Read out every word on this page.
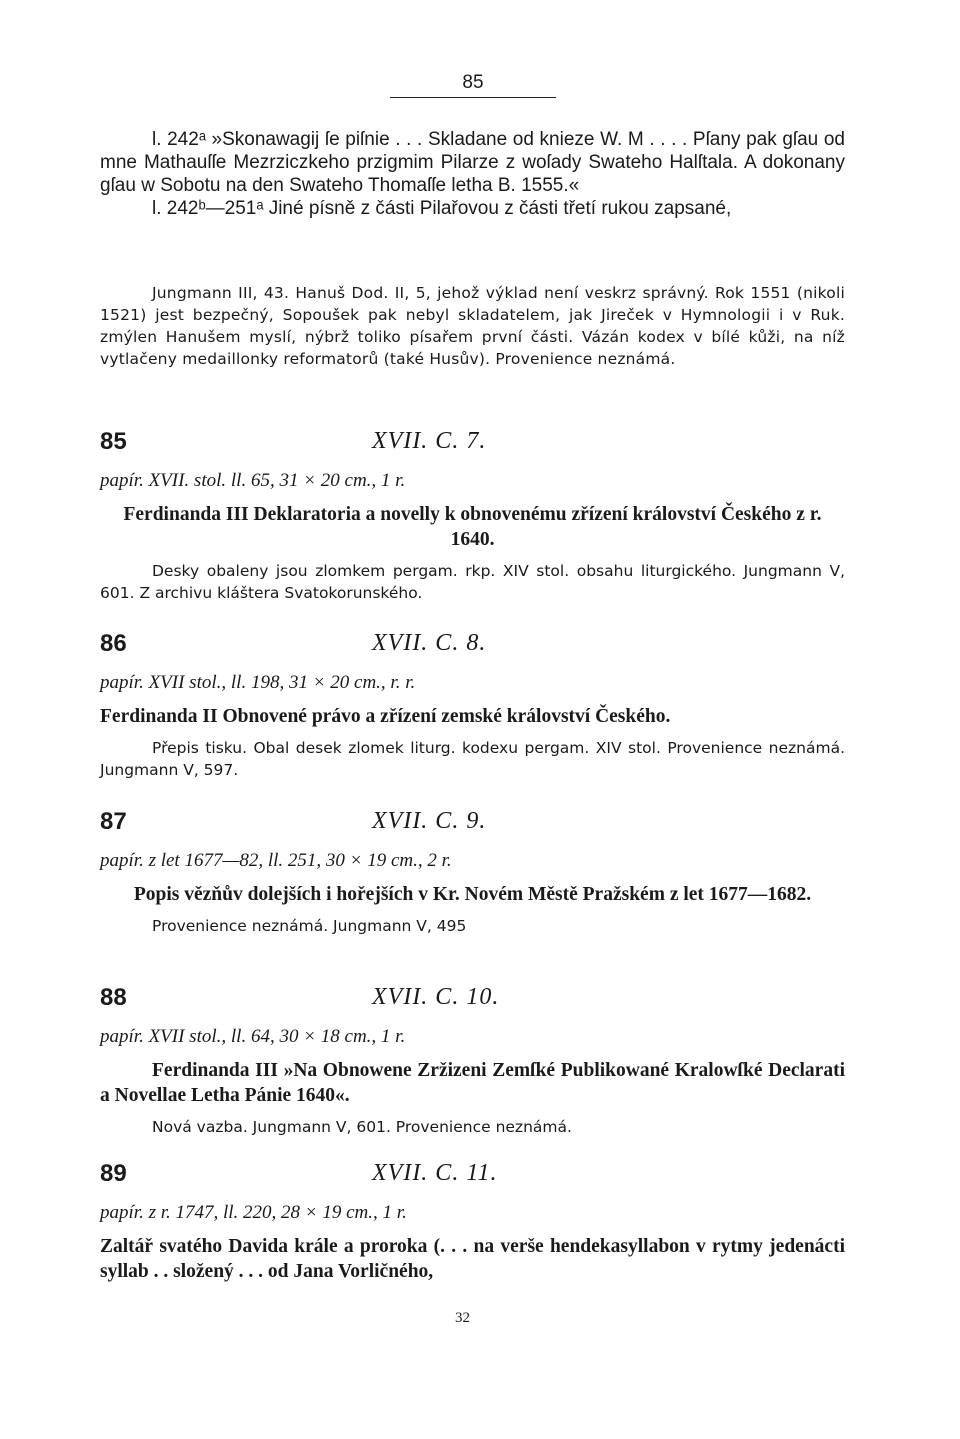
85

l. 242ᵃ »Skonawagij ſe piſnie . . . Skladane od knieze W. M . . . . Pſany pak gſau od mne Mathauſſe Mezrziczkeho przigmim Pilarze z woſady Swateho Halſtala. A dokonany gſau w Sobotu na den Swateho Thomaſſe letha B. 1555.«

l. 242ᵇ—251ᵃ Jiné písně z části Pilařovou z části třetí rukou zapsané,

Jungmann III, 43. Hanuš Dod. II, 5, jehož výklad není veskrz správný. Rok 1551 (nikoli 1521) jest bezpečný, Sopoušek pak nebyl skladatelem, jak Jireček v Hymnologii i v Ruk. zmýlen Hanušem myslí, nýbrž toliko písařem první části. Vázán kodex v bílé kůži, na níž vytlačeny medaillonky reformatorů (také Husův). Provenience neznámá.

85	XVII. C. 7.

papír. XVII. stol. ll. 65, 31 × 20 cm., 1 r.

Ferdinanda III Deklaratoria a novelly k obnovenému zřízení království Českého z r. 1640.

Desky obaleny jsou zlomkem pergam. rkp. XIV stol. obsahu liturgického. Jungmann V, 601. Z archivu kláštera Svatokorunského.

86	XVII. C. 8.

papír. XVII stol., ll. 198, 31 × 20 cm., r. r.

Ferdinanda II Obnovené právo a zřízení zemské království Českého.

Přepis tisku. Obal desek zlomek liturg. kodexu pergam. XIV stol. Provenience neznámá. Jungmann V, 597.

87	XVII. C. 9.

papír. z let 1677—82, ll. 251, 30 × 19 cm., 2 r.

Popis vězňův dolejších i hořejších v Kr. Novém Městě Pražském z let 1677—1682.

Provenience neznámá. Jungmann V, 495

88	XVII. C. 10.

papír. XVII stol., ll. 64, 30 × 18 cm., 1 r.

Ferdinanda III »Na Obnowene Zržizeni Zemſké Publikowané Kralowſké Declarati a Novellae Letha Pánie 1640«.

Nová vazba. Jungmann V, 601. Provenience neznámá.

89	XVII. C. 11.

papír. z r. 1747, ll. 220, 28 × 19 cm., 1 r.

Zaltář svatého Davida krále a proroka (. . . na verše hendekasyllabon v rytmy jedenácti syllab . . složený . . . od Jana Vorličného,

32
